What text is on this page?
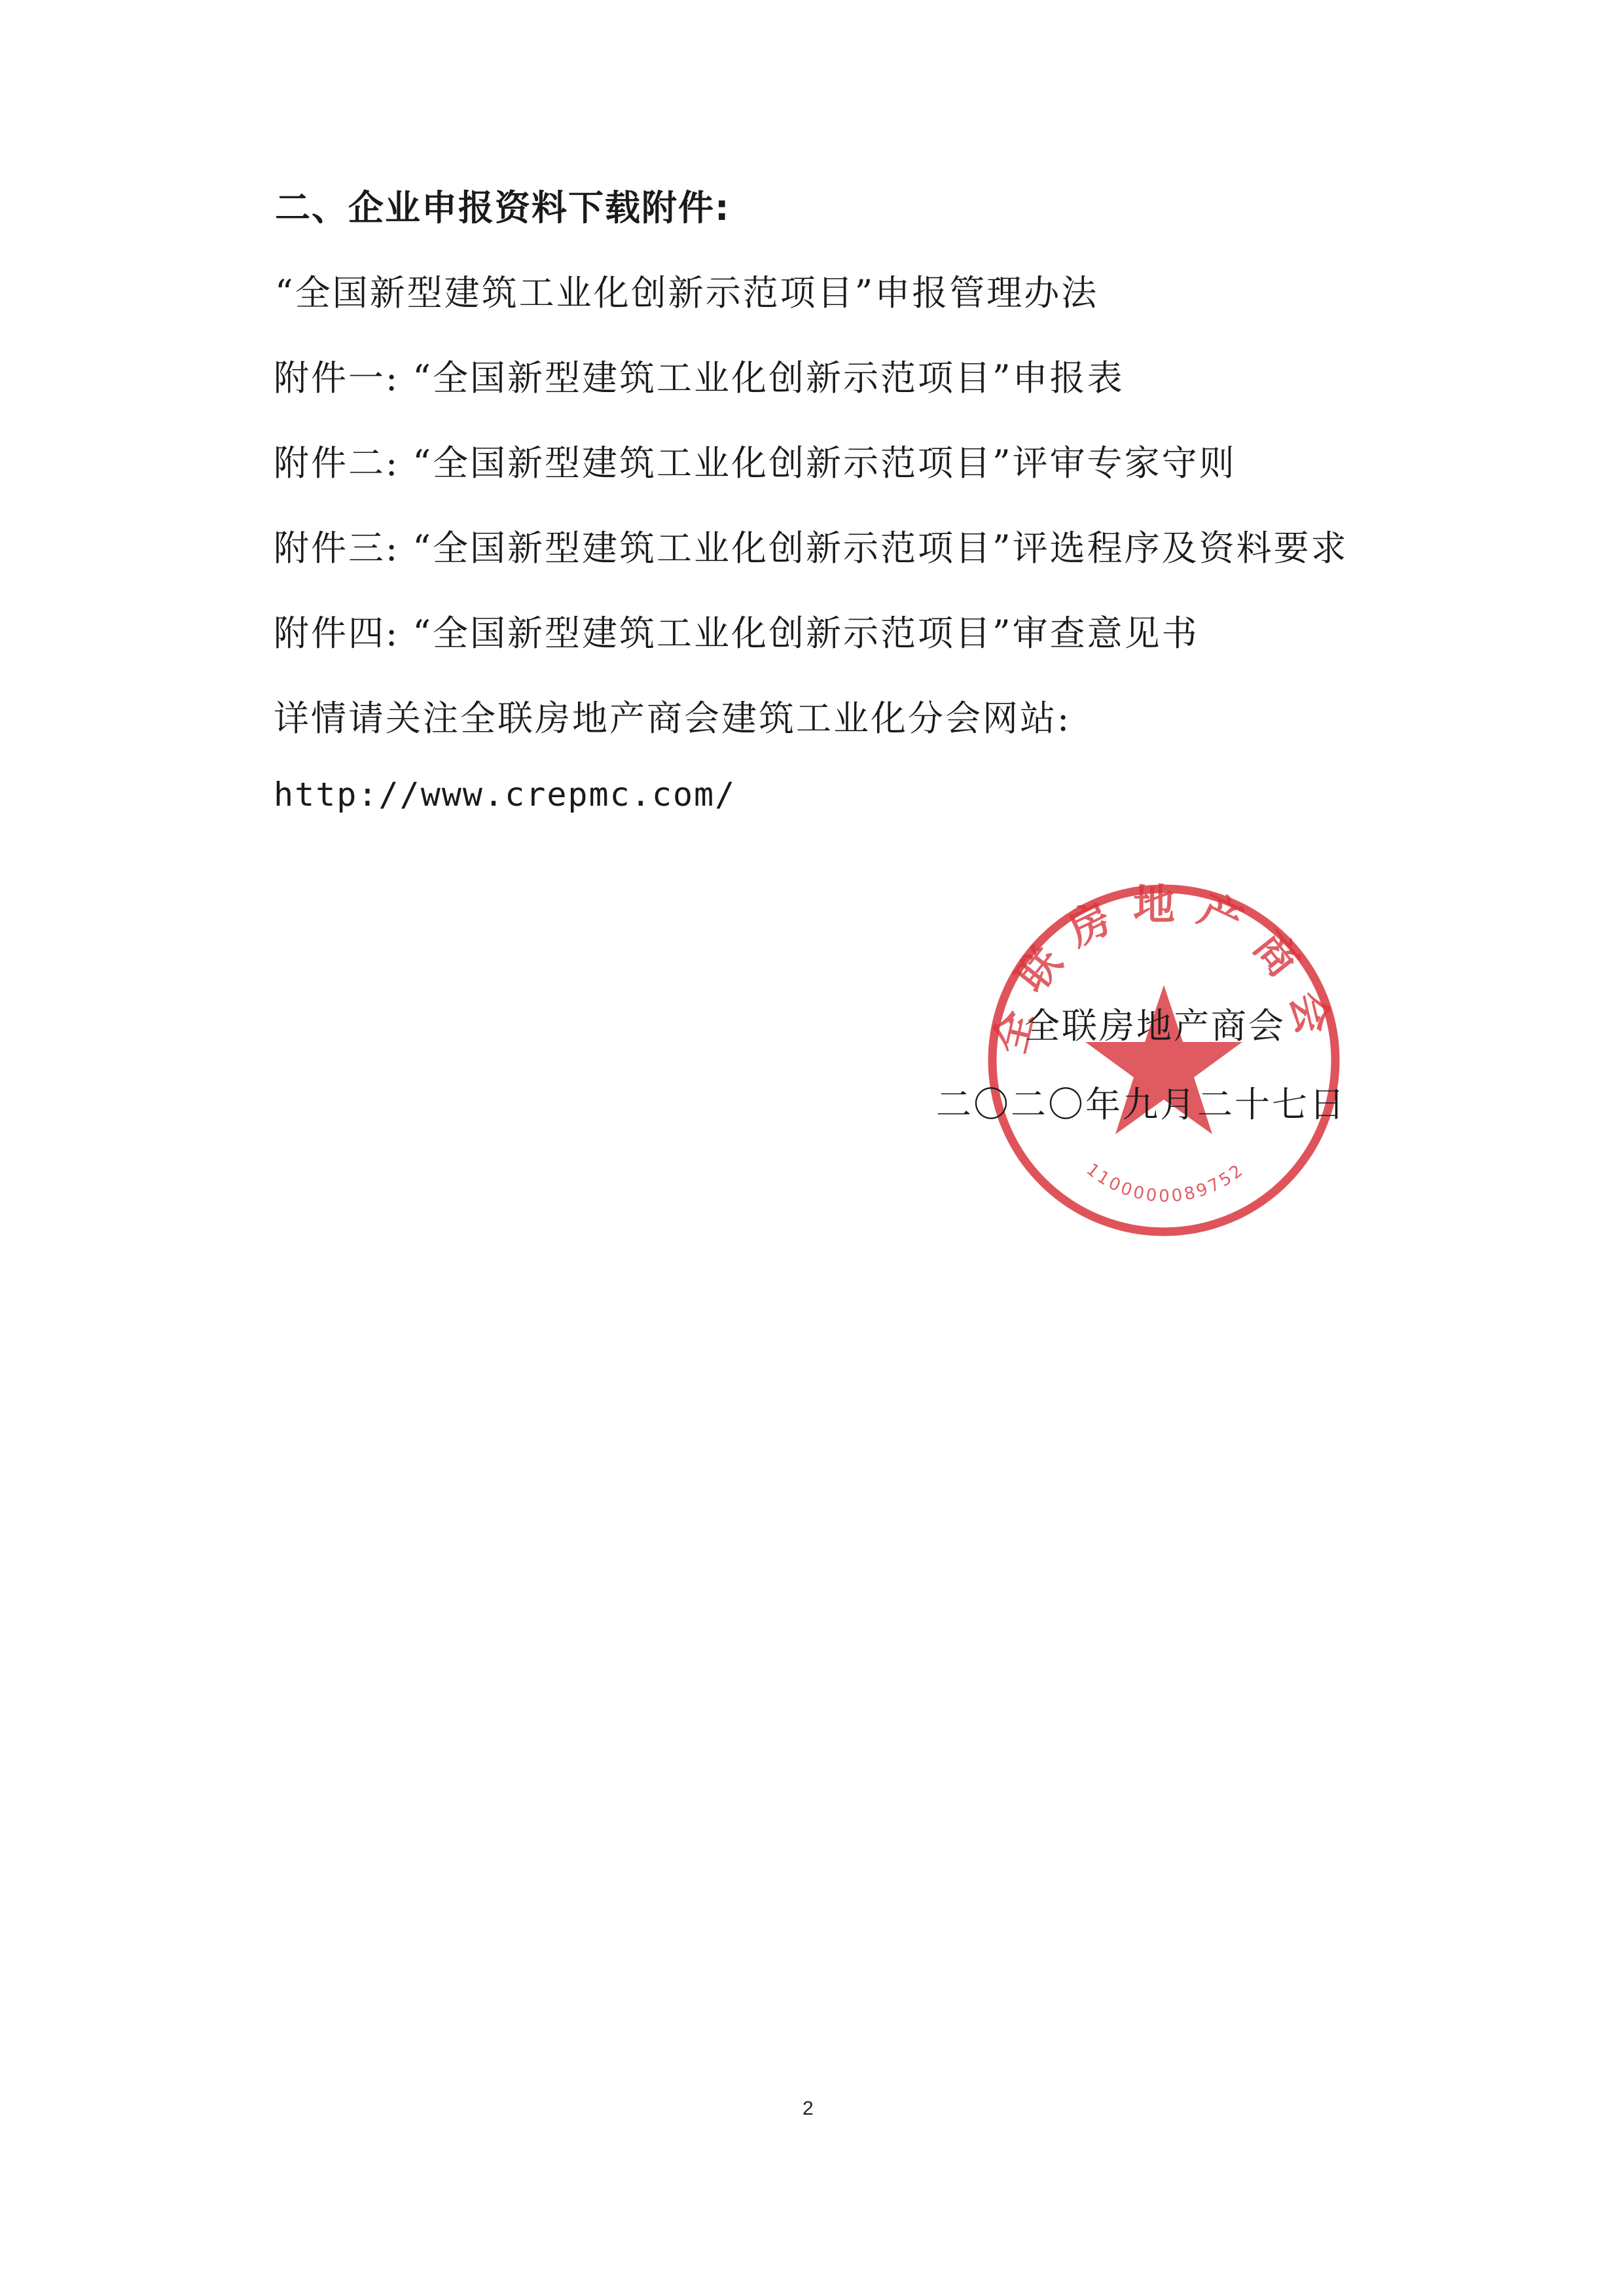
二、企业申报资料下载附件:
“全国新型建筑工业化创新示范项目”申报管理办法
附件一: “全国新型建筑工业化创新示范项目”申报表
附件二: “全国新型建筑工业化创新示范项目”评审专家守则
附件三: “全国新型建筑工业化创新示范项目”评选程序及资料要求
附件四: “全国新型建筑工业化创新示范项目”审查意见书
详情请关注全联房地产商会建筑工业化分会网站:
http://www.crepmc.com/
全联房地产商会
1100000089752
全联房地产商会
二〇二〇年九月二十七日
2
